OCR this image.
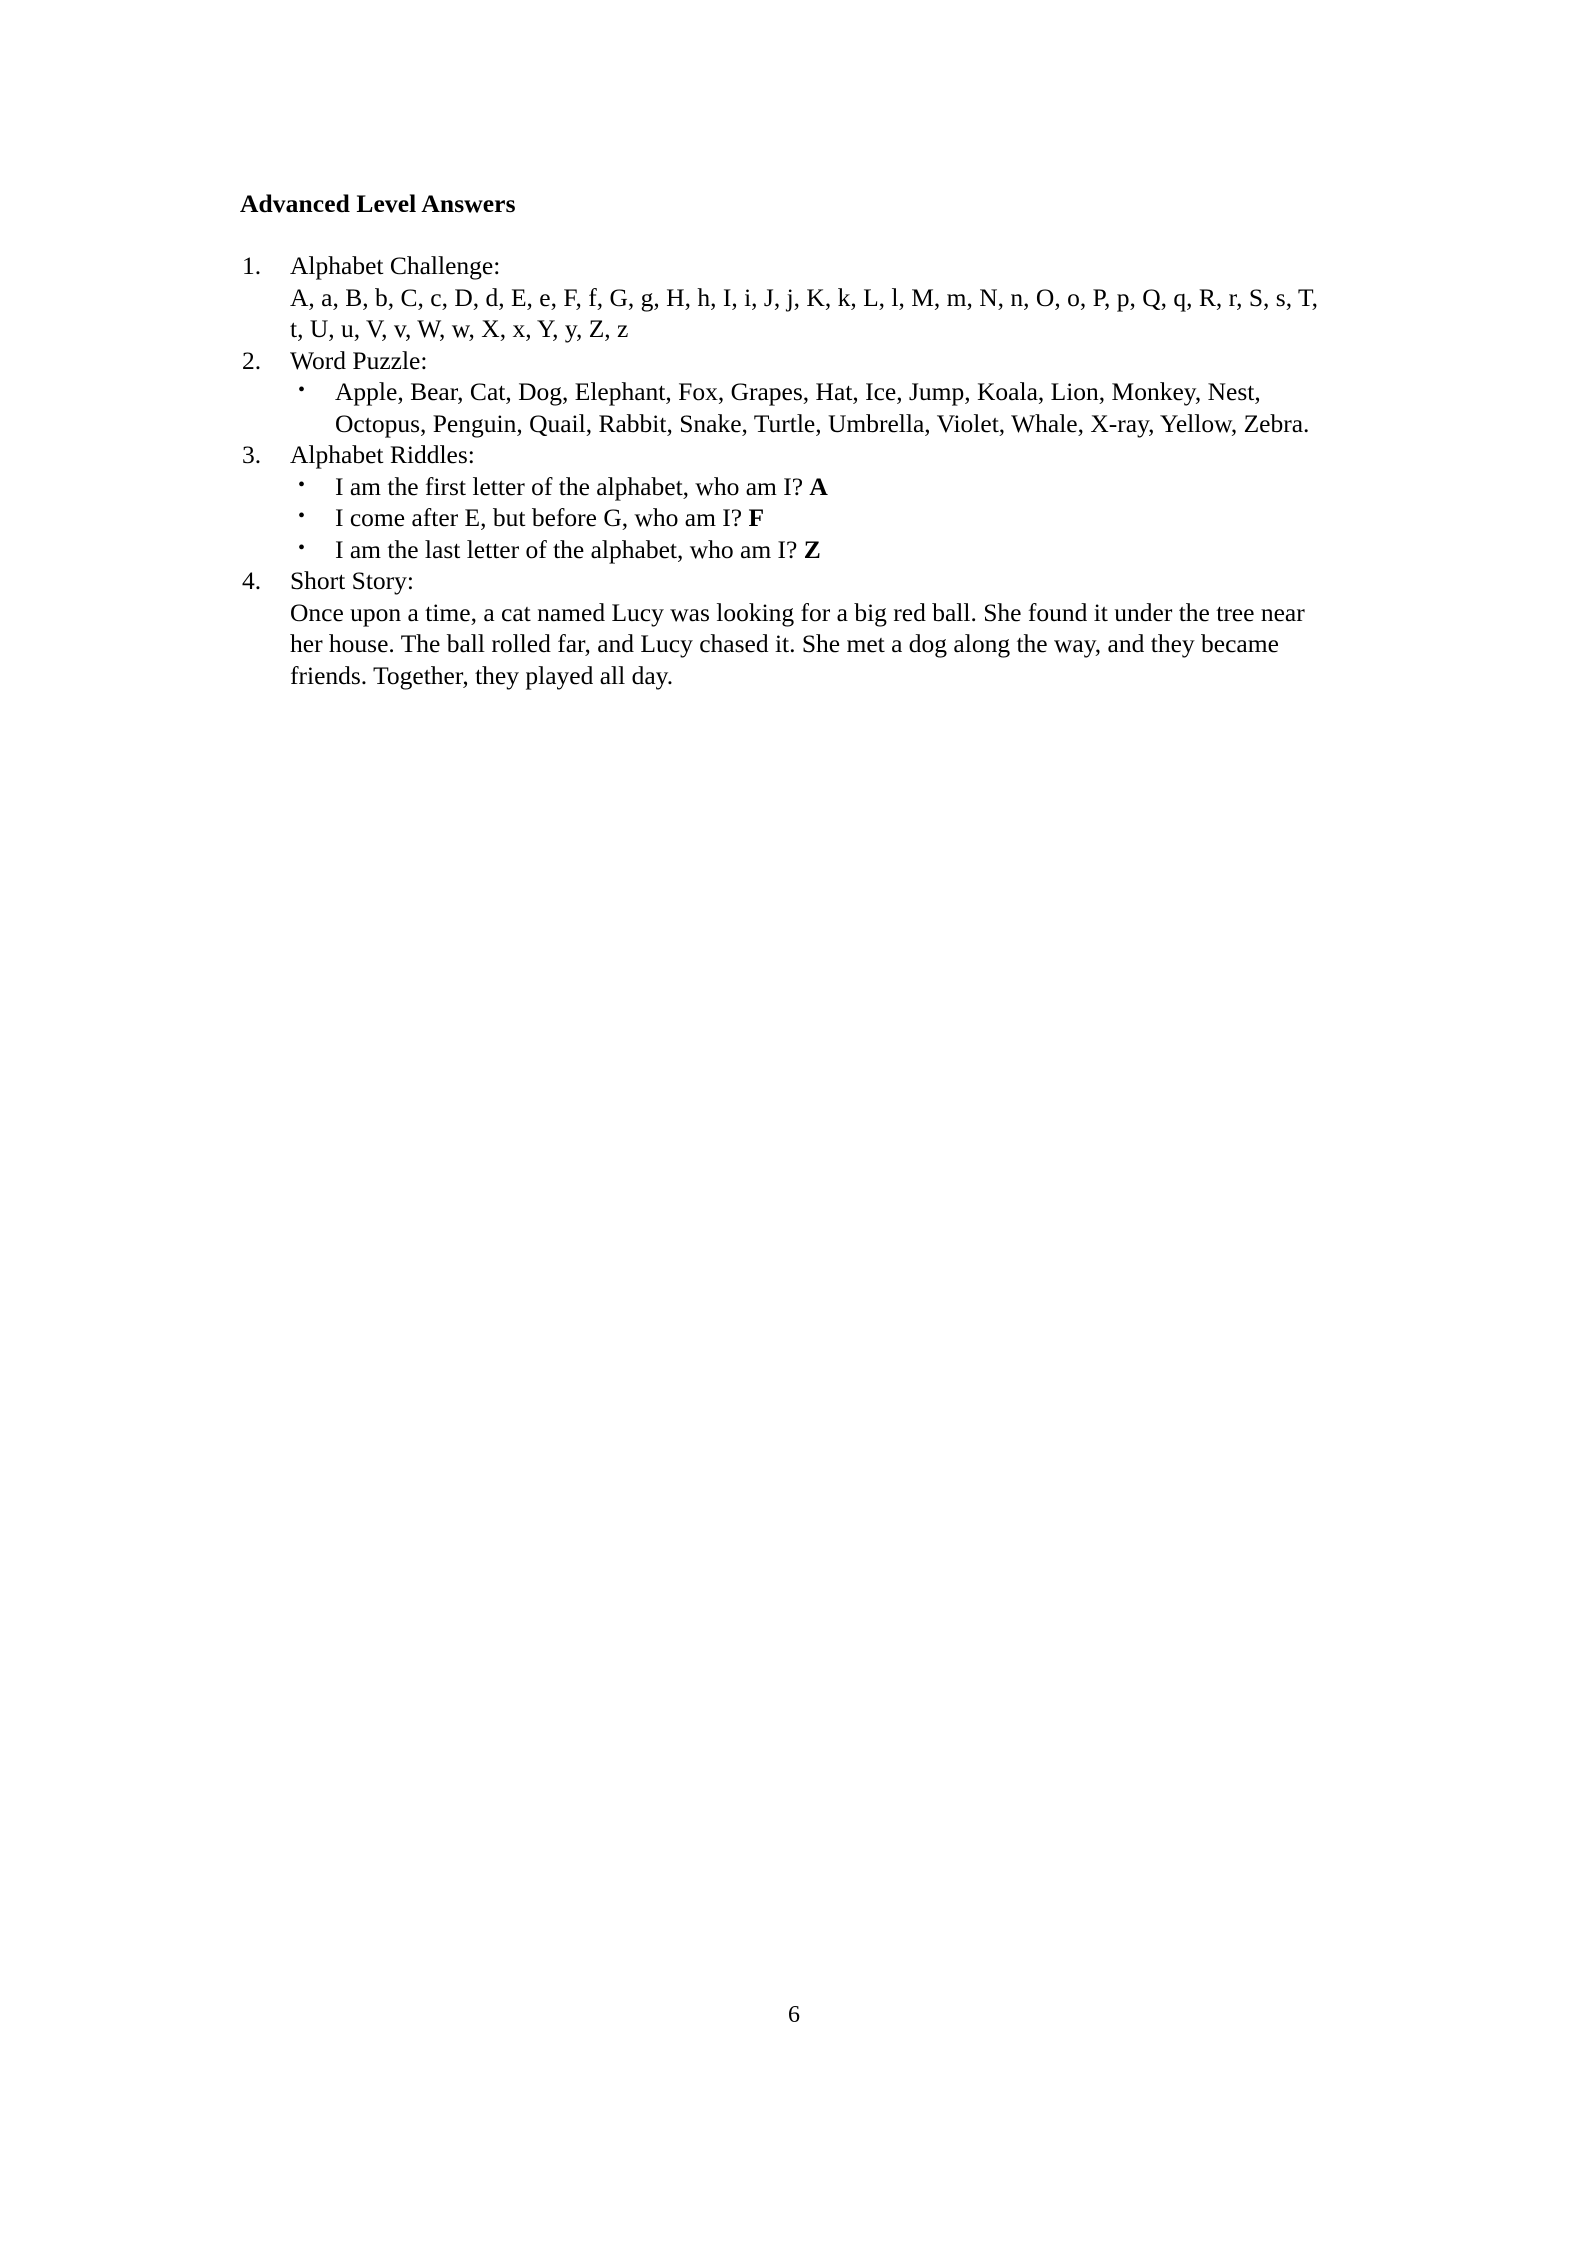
Advanced Level Answers
Alphabet Challenge:
A, a, B, b, C, c, D, d, E, e, F, f, G, g, H, h, I, i, J, j, K, k, L, l, M, m, N, n, O, o, P, p, Q, q, R, r, S, s, T, t, U, u, V, v, W, w, X, x, Y, y, Z, z
Word Puzzle:
• Apple, Bear, Cat, Dog, Elephant, Fox, Grapes, Hat, Ice, Jump, Koala, Lion, Monkey, Nest, Octopus, Penguin, Quail, Rabbit, Snake, Turtle, Umbrella, Violet, Whale, X-ray, Yellow, Zebra.
Alphabet Riddles:
• I am the first letter of the alphabet, who am I? A
• I come after E, but before G, who am I? F
• I am the last letter of the alphabet, who am I? Z
Short Story:
Once upon a time, a cat named Lucy was looking for a big red ball. She found it under the tree near her house. The ball rolled far, and Lucy chased it. She met a dog along the way, and they became friends. Together, they played all day.
6
